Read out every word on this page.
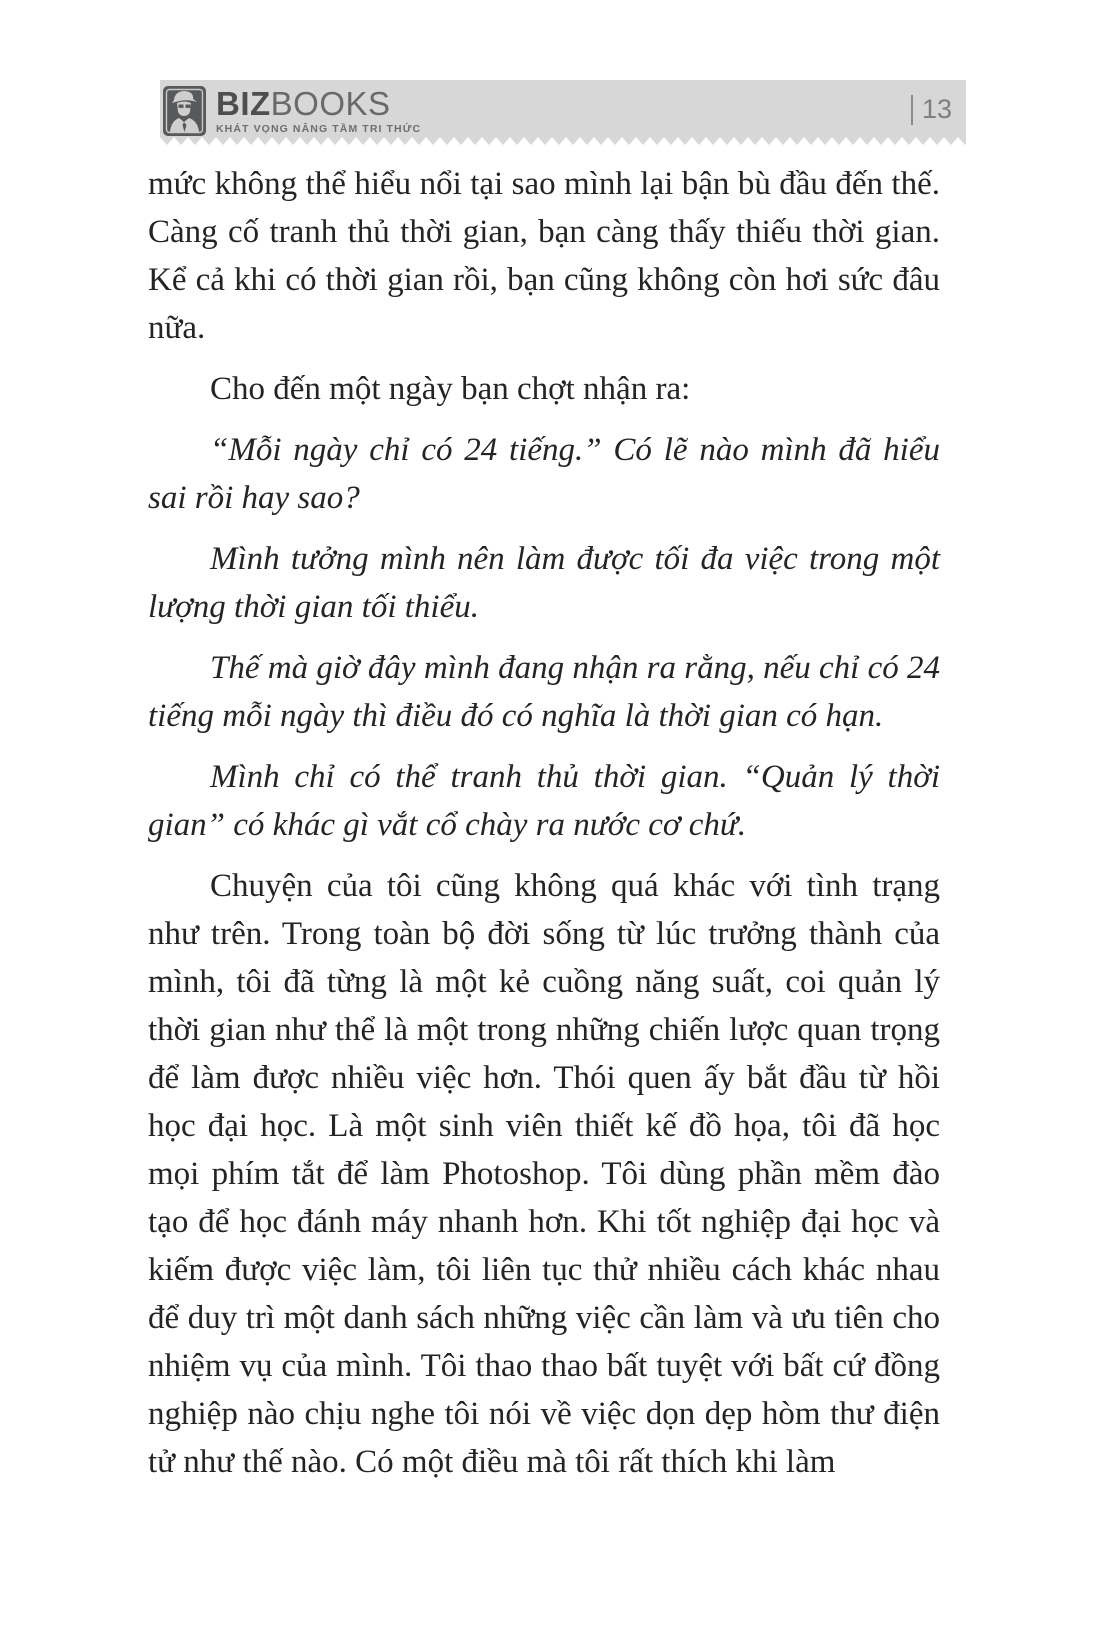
BIZBOOKS
KHÁT VỌNG NÂNG TẦM TRI THỨC
13

mức không thể hiểu nổi tại sao mình lại bận bù đầu đến thế. Càng cố tranh thủ thời gian, bạn càng thấy thiếu thời gian. Kể cả khi có thời gian rồi, bạn cũng không còn hơi sức đâu nữa.

Cho đến một ngày bạn chợt nhận ra:

“Mỗi ngày chỉ có 24 tiếng.” Có lẽ nào mình đã hiểu sai rồi hay sao?

Mình tưởng mình nên làm được tối đa việc trong một lượng thời gian tối thiểu.

Thế mà giờ đây mình đang nhận ra rằng, nếu chỉ có 24 tiếng mỗi ngày thì điều đó có nghĩa là thời gian có hạn.

Mình chỉ có thể tranh thủ thời gian. “Quản lý thời gian” có khác gì vắt cổ chày ra nước cơ chứ.

Chuyện của tôi cũng không quá khác với tình trạng như trên. Trong toàn bộ đời sống từ lúc trưởng thành của mình, tôi đã từng là một kẻ cuồng năng suất, coi quản lý thời gian như thể là một trong những chiến lược quan trọng để làm được nhiều việc hơn. Thói quen ấy bắt đầu từ hồi học đại học. Là một sinh viên thiết kế đồ họa, tôi đã học mọi phím tắt để làm Photoshop. Tôi dùng phần mềm đào tạo để học đánh máy nhanh hơn. Khi tốt nghiệp đại học và kiếm được việc làm, tôi liên tục thử nhiều cách khác nhau để duy trì một danh sách những việc cần làm và ưu tiên cho nhiệm vụ của mình. Tôi thao thao bất tuyệt với bất cứ đồng nghiệp nào chịu nghe tôi nói về việc dọn dẹp hòm thư điện tử như thế nào. Có một điều mà tôi rất thích khi làm
